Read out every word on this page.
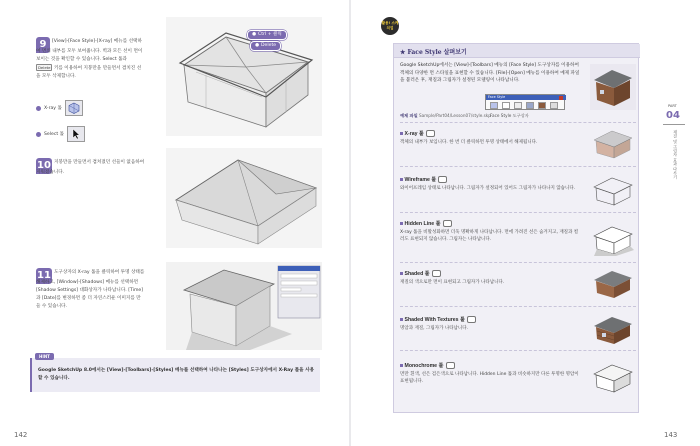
9	[View]-[Face Style]-[X-ray] 메뉴를 선택하
여 면의 내부를 모두 보여줍니다. 벽과 모든 선이 면이
보이는 것을 확인할 수 있습니다. Select 툴과
Delete 키를 이용하여 지붕만을 만들면서 겹치진 선
을 모두 삭제합니다.
X-ray 툴
Select 툴
● Ctrl + 클릭
● Delete
10 지붕만을 만들면서 겹쳐졌던 선들이 없음하여
지워졌습니다.
11 도구상자의 X-ray 툴을 클릭하여 투명 상태를
해제하고, [Window]-[Shadows] 메뉴를 선택하면
[Shadow Settings] 대화상자가 나타납니다. [Time]
과 [Date]를 변경하면 좀 더 자연스러운 이미지를 만
들 수 있습니다.
HINT
Google SketchUp 8.0에서는 [View]-[Toolbars]-[Styles] 메뉴를 선택하여 나타나는 [Styles] 도구상자에서 X-Ray 툴을 사용할 수 있습니다.
142
활용! 스케치업
★ Face Style 살펴보기
Google SketchUp에서는 [View]-[Toolbars] 메뉴의 [Face Style] 도구상자를 이용하여 객체의 다양한 면 스타일을 표현할 수 있습니다. [File]-[Open] 메뉴를 이용하여 예제 파일을 불러온 후, 재질과 그림자가 설정된 모델링이 나타납니다.
Face Style
예제 파일 Sample/Part04/Lesson07/style.skp Face Style 도구상자
X-ray 툴
객체의 내부가 보입니다. 한 번 더 클릭하면 투명 상태에서 해제됩니다.
Wireframe 툴
와이어프레임 상태로 나타납니다. 그림자가 설정되어 있어도 그림자가 나타나지 않습니다.
Hidden Line 툴
X-ray 툴을 비활성화하면 더욱 명확하게 나타납니다. 면에 가려진 선은 숨겨지고, 재질과 컬러도 표현되지 않습니다. 그림자는 나타납니다.
Shaded 툴
재질의 색으로만 면이 표현되고 그림자가 나타납니다.
Shaded With Textures 툴
명암과 재질, 그림자가 나타납니다.
Monochrome 툴
면만 흰색, 선은 검은색으로 나타납니다. Hidden Line 툴과 비슷하지만 다른 투명한 명암이 표현됩니다.
PART
04
재질 및 그림자 효과 다루기
143
